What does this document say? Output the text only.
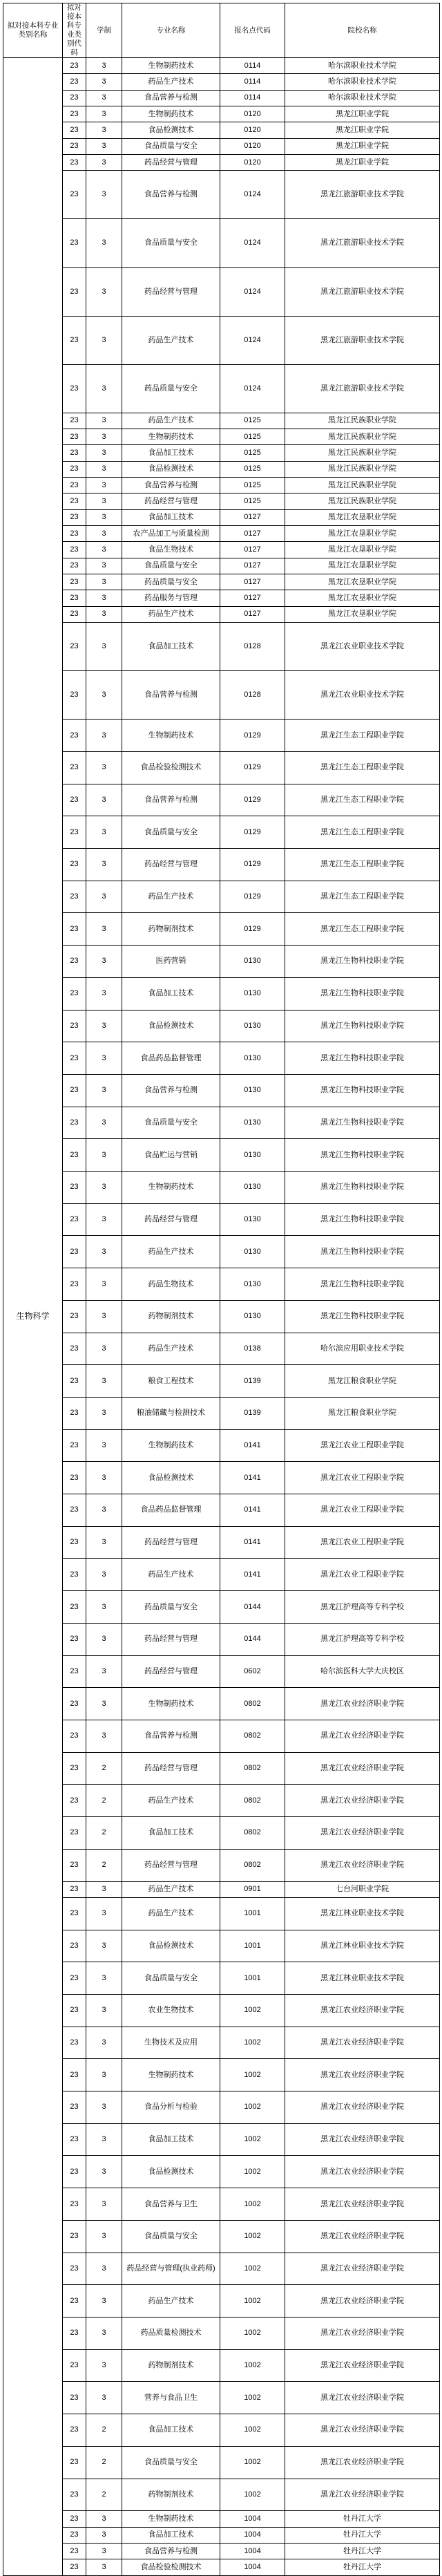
拟对接本科专业类别名称	拟对接本科专业类别代码	学制	专业名称	报名点代码	院校名称
生物科学	23	3	生物制药技术	0114	哈尔滨职业技术学院
	23	3	药品生产技术	0114	哈尔滨职业技术学院
	23	3	食品营养与检测	0114	哈尔滨职业技术学院
	23	3	生物制药技术	0120	黑龙江职业学院
	23	3	食品检测技术	0120	黑龙江职业学院
	23	3	食品质量与安全	0120	黑龙江职业学院
	23	3	药品经营与管理	0120	黑龙江职业学院
	23	3	食品营养与检测	0124	黑龙江旅游职业技术学院
	23	3	食品质量与安全	0124	黑龙江旅游职业技术学院
	23	3	药品经营与管理	0124	黑龙江旅游职业技术学院
	23	3	药品生产技术	0124	黑龙江旅游职业技术学院
	23	3	药品质量与安全	0124	黑龙江旅游职业技术学院
	23	3	药品生产技术	0125	黑龙江民族职业学院
	23	3	生物制药技术	0125	黑龙江民族职业学院
	23	3	食品加工技术	0125	黑龙江民族职业学院
	23	3	食品检测技术	0125	黑龙江民族职业学院
	23	3	食品营养与检测	0125	黑龙江民族职业学院
	23	3	药品经营与管理	0125	黑龙江民族职业学院
	23	3	食品加工技术	0127	黑龙江农垦职业学院
	23	3	农产品加工与质量检测	0127	黑龙江农垦职业学院
	23	3	食品生物技术	0127	黑龙江农垦职业学院
	23	3	食品质量与安全	0127	黑龙江农垦职业学院
	23	3	药品质量与安全	0127	黑龙江农垦职业学院
	23	3	药品服务与管理	0127	黑龙江农垦职业学院
	23	3	药品生产技术	0127	黑龙江农垦职业学院
	23	3	食品加工技术	0128	黑龙江农业职业技术学院
	23	3	食品营养与检测	0128	黑龙江农业职业技术学院
	23	3	生物制药技术	0129	黑龙江生态工程职业学院
	23	3	食品检验检测技术	0129	黑龙江生态工程职业学院
	23	3	食品营养与检测	0129	黑龙江生态工程职业学院
	23	3	食品质量与安全	0129	黑龙江生态工程职业学院
	23	3	药品经营与管理	0129	黑龙江生态工程职业学院
	23	3	药品生产技术	0129	黑龙江生态工程职业学院
	23	3	药物制剂技术	0129	黑龙江生态工程职业学院
	23	3	医药营销	0130	黑龙江生物科技职业学院
	23	3	食品加工技术	0130	黑龙江生物科技职业学院
	23	3	食品检测技术	0130	黑龙江生物科技职业学院
	23	3	食品药品监督管理	0130	黑龙江生物科技职业学院
	23	3	食品营养与检测	0130	黑龙江生物科技职业学院
	23	3	食品质量与安全	0130	黑龙江生物科技职业学院
	23	3	食品贮运与营销	0130	黑龙江生物科技职业学院
	23	3	生物制药技术	0130	黑龙江生物科技职业学院
	23	3	药品经营与管理	0130	黑龙江生物科技职业学院
	23	3	药品生产技术	0130	黑龙江生物科技职业学院
	23	3	药品生物技术	0130	黑龙江生物科技职业学院
	23	3	药物制剂技术	0130	黑龙江生物科技职业学院
	23	3	药品生产技术	0138	哈尔滨应用职业技术学院
	23	3	粮食工程技术	0139	黑龙江粮食职业学院
	23	3	粮油储藏与检测技术	0139	黑龙江粮食职业学院
	23	3	生物制药技术	0141	黑龙江农业工程职业学院
	23	3	食品检测技术	0141	黑龙江农业工程职业学院
	23	3	食品药品监督管理	0141	黑龙江农业工程职业学院
	23	3	药品经营与管理	0141	黑龙江农业工程职业学院
	23	3	药品生产技术	0141	黑龙江农业工程职业学院
	23	3	药品质量与安全	0144	黑龙江护理高等专科学校
	23	3	药品经营与管理	0144	黑龙江护理高等专科学校
	23	3	药品经营与管理	0602	哈尔滨医科大学大庆校区
	23	3	生物制药技术	0802	黑龙江农业经济职业学院
	23	3	食品营养与检测	0802	黑龙江农业经济职业学院
	23	2	药品经营与管理	0802	黑龙江农业经济职业学院
	23	2	药品生产技术	0802	黑龙江农业经济职业学院
	23	2	食品加工技术	0802	黑龙江农业经济职业学院
	23	2	药品经营与管理	0802	黑龙江农业经济职业学院
	23	3	药品生产技术	0901	七台河职业学院
	23	3	药品生产技术	1001	黑龙江林业职业技术学院
	23	3	食品检测技术	1001	黑龙江林业职业技术学院
	23	3	食品质量与安全	1001	黑龙江林业职业技术学院
	23	3	农业生物技术	1002	黑龙江农业经济职业学院
	23	3	生物技术及应用	1002	黑龙江农业经济职业学院
	23	3	生物制药技术	1002	黑龙江农业经济职业学院
	23	3	食品分析与检验	1002	黑龙江农业经济职业学院
	23	3	食品加工技术	1002	黑龙江农业经济职业学院
	23	3	食品检测技术	1002	黑龙江农业经济职业学院
	23	3	食品营养与卫生	1002	黑龙江农业经济职业学院
	23	3	食品质量与安全	1002	黑龙江农业经济职业学院
	23	3	药品经营与管理(执业药师)	1002	黑龙江农业经济职业学院
	23	3	药品生产技术	1002	黑龙江农业经济职业学院
	23	3	药品质量检测技术	1002	黑龙江农业经济职业学院
	23	3	药物制剂技术	1002	黑龙江农业经济职业学院
	23	3	营养与食品卫生	1002	黑龙江农业经济职业学院
	23	2	食品加工技术	1002	黑龙江农业经济职业学院
	23	2	食品质量与安全	1002	黑龙江农业经济职业学院
	23	2	药物制剂技术	1002	黑龙江农业经济职业学院
	23	3	生物制药技术	1004	牡丹江大学
	23	3	食品加工技术	1004	牡丹江大学
	23	3	食品营养与检测	1004	牡丹江大学
	23	3	食品检验检测技术	1004	牡丹江大学
